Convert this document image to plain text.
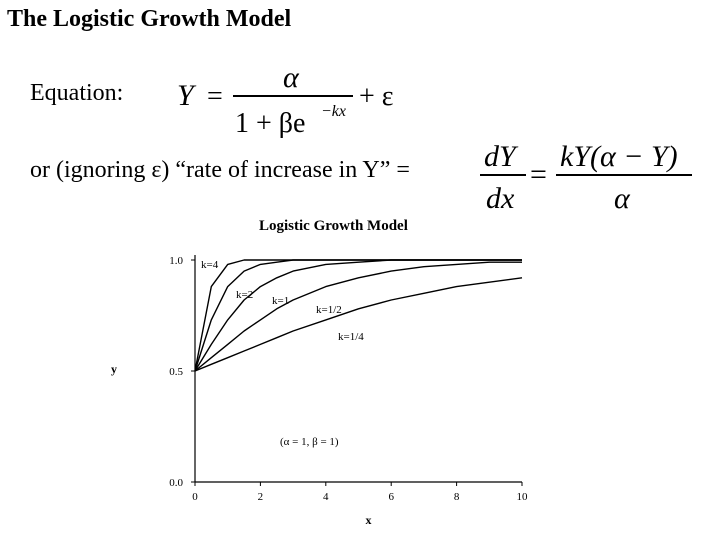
The Logistic Growth Model
Equation: Y =
α
1 + βe −kx + ε
or (ignoring ε) “rate of increase in Y” = dY
dx
=
kY(α − Y)
α
Logistic Growth Model
0	2	4	6	8	10
0.0
0.5
1.0
x
y
k=4
k=2 k=1
k=1/2
k=1/4
(α = 1, β = 1)
